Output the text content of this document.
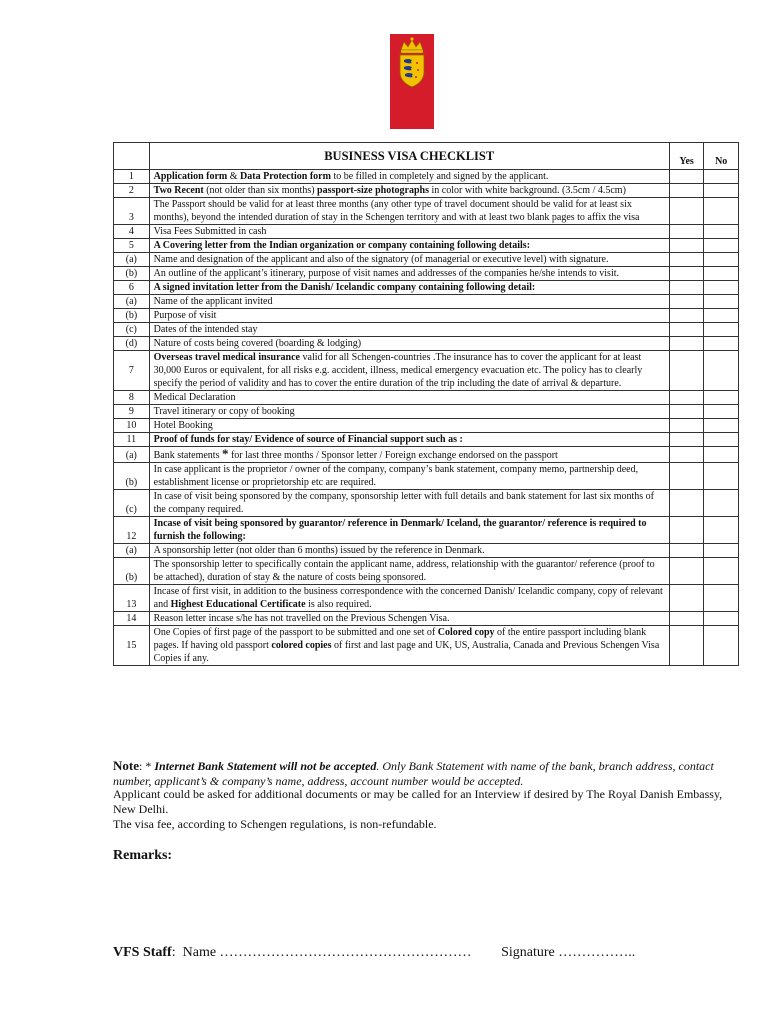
	BUSINESS VISA CHECKLIST	Yes	No
1	Application form & Data Protection form to be filled in completely and signed by the applicant.		
2	Two Recent (not older than six months) passport-size photographs in color with white background. (3.5cm / 4.5cm)		
3	The Passport should be valid for at least three months (any other type of travel document should be valid for at least six months), beyond the intended duration of stay in the Schengen territory and with at least two blank pages to affix the visa		
4	Visa Fees Submitted in cash		
5	A Covering letter from the Indian organization or company containing following details:		
(a)	Name and designation of the applicant and also of the signatory (of managerial or executive level) with signature.		
(b)	An outline of the applicant’s itinerary, purpose of visit names and addresses of the companies he/she intends to visit.		
6	A signed invitation letter from the Danish/ Icelandic company containing following detail:		
(a)	Name of the applicant invited		
(b)	Purpose of visit		
(c)	Dates of the intended stay		
(d)	Nature of costs being covered (boarding & lodging)		
7	Overseas travel medical insurance valid for all Schengen-countries .The insurance has to cover the applicant for at least 30,000 Euros or equivalent, for all risks e.g. accident, illness, medical emergency evacuation etc. The policy has to clearly specify the period of validity and has to cover the entire duration of the trip including the date of arrival & departure.		
8	Medical Declaration		
9	Travel itinerary or copy of booking		
10	Hotel Booking		
11	Proof of funds for stay/ Evidence of source of Financial support such as :		
(a)	Bank statements * for last three months / Sponsor letter / Foreign exchange endorsed on the passport		
(b)	In case applicant is the proprietor / owner of the company, company’s bank statement, company memo, partnership deed, establishment license or proprietorship etc are required.		
(c)	In case of visit being sponsored by the company, sponsorship letter with full details and bank statement for last six months of the company required.		
12	Incase of visit being sponsored by guarantor/ reference in Denmark/ Iceland, the guarantor/ reference is required to furnish the following:		
(a)	A sponsorship letter (not older than 6 months) issued by the reference in Denmark.		
(b)	The sponsorship letter to specifically contain the applicant name, address, relationship with the guarantor/ reference (proof to be attached), duration of stay & the nature of costs being sponsored.		
13	Incase of first visit, in addition to the business correspondence with the concerned Danish/ Icelandic company, copy of relevant and Highest Educational Certificate is also required.		
14	Reason letter incase s/he has not travelled on the Previous Schengen Visa.		
15	One Copies of first page of the passport to be submitted and one set of Colored copy of the entire passport including blank pages. If having old passport colored copies of first and last page and UK, US, Australia, Canada and Previous Schengen Visa Copies if any.		
Note: * Internet Bank Statement will not be accepted. Only Bank Statement with name of the bank, branch address, contact number, applicant’s & company’s name, address, account number would be accepted.
Applicant could be asked for additional documents or may be called for an Interview if desired by The Royal Danish Embassy, New Delhi.
The visa fee, according to Schengen regulations, is non-refundable.
Remarks:
VFS Staff: Name ……………………………………………… Signature ……………..
